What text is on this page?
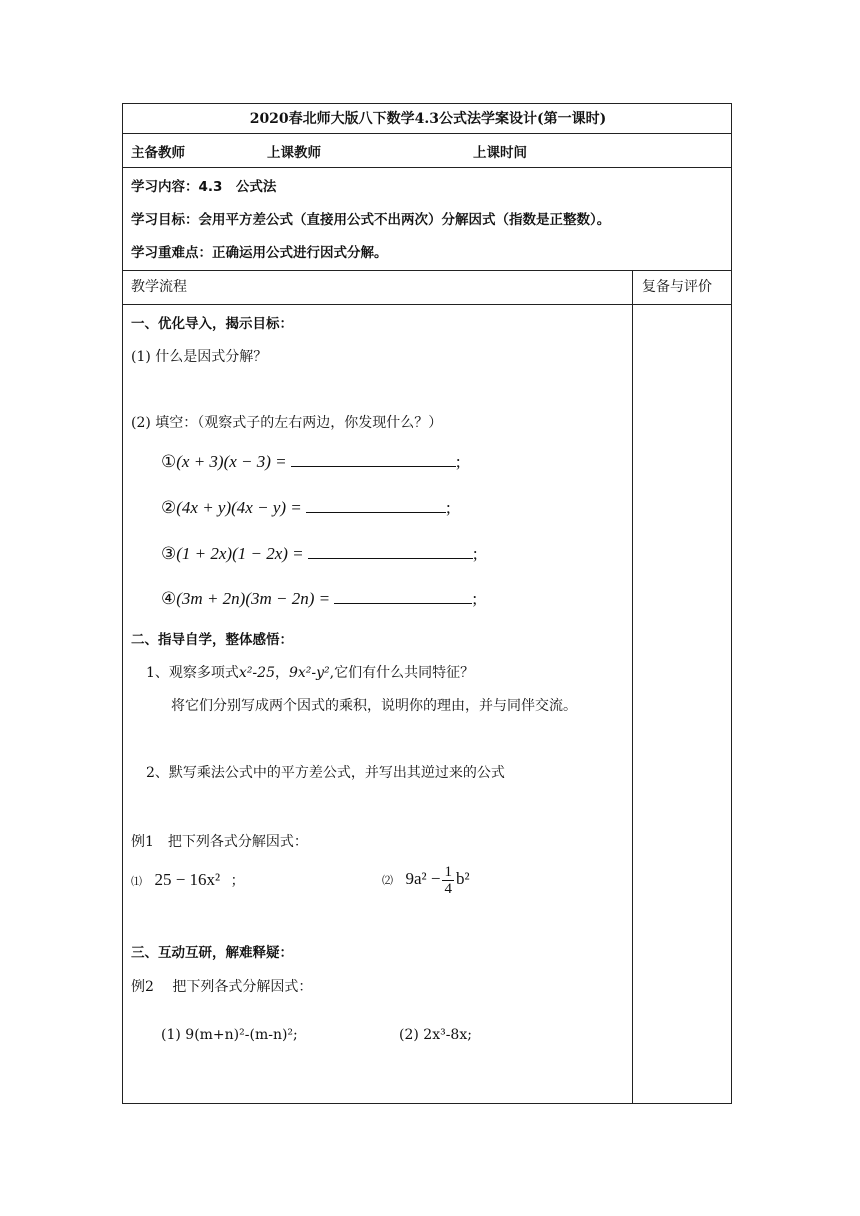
2020春北师大版八下数学4.3公式法学案设计(第一课时)
主备教师	上课教师	上课时间
学习内容：4.3　公式法
学习目标：会用平方差公式（直接用公式不出两次）分解因式（指数是正整数）。
学习重难点：正确运用公式进行因式分解。
教学流程	复备与评价
一、优化导入，揭示目标：
(1) 什么是因式分解？
(2) 填空：（观察式子的左右两边，你发现什么？）
①(x + 3)(x − 3) =	;
②(4x + y)(4x − y) =	;
③(1 + 2x)(1 − 2x) =	;
④(3m + 2n)(3m − 2n) =	;
二、指导自学，整体感悟：
1、观察多项式x²-25，9x²-y²,它们有什么共同特征？
将它们分别写成两个因式的乘积，说明你的理由，并与同伴交流。
2、默写乘法公式中的平方差公式，并写出其逆过来的公式
例1　把下列各式分解因式：
⑴ 25 − 16x² ；	⑵ $9a^2 - \frac{1}{4} b^2$
三、互动互研，解难释疑：
例2　 把下列各式分解因式：
(1) 9(m+n)²-(m-n)²;	(2) 2x³-8x;
